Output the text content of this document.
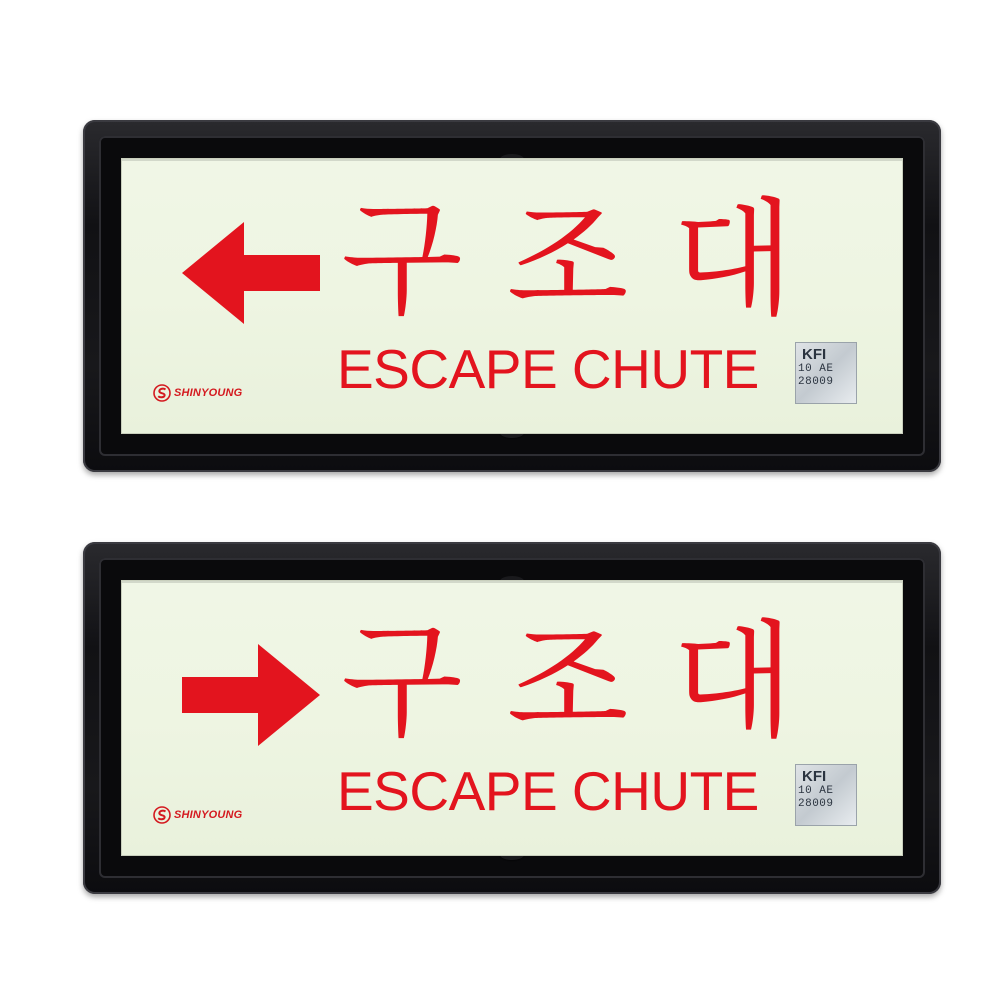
구조대
ESCAPE CHUTE
SHINYOUNG
KFI
10 AE
28009
구조대
ESCAPE CHUTE
SHINYOUNG
KFI
10 AE
28009
